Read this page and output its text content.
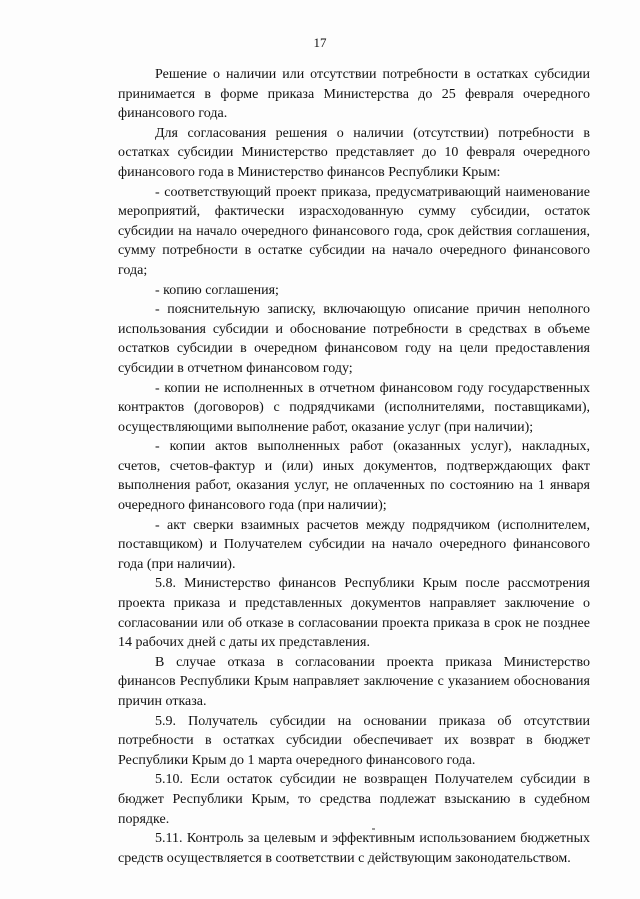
17

Решение о наличии или отсутствии потребности в остатках субсидии принимается в форме приказа Министерства до 25 февраля очередного финансового года.

Для согласования решения о наличии (отсутствии) потребности в остатках субсидии Министерство представляет до 10 февраля очередного финансового года в Министерство финансов Республики Крым:

- соответствующий проект приказа, предусматривающий наименование мероприятий, фактически израсходованную сумму субсидии, остаток субсидии на начало очередного финансового года, срок действия соглашения, сумму потребности в остатке субсидии на начало очередного финансового года;

- копию соглашения;

- пояснительную записку, включающую описание причин неполного использования субсидии и обоснование потребности в средствах в объеме остатков субсидии в очередном финансовом году на цели предоставления субсидии в отчетном финансовом году;

- копии не исполненных в отчетном финансовом году государственных контрактов (договоров) с подрядчиками (исполнителями, поставщиками), осуществляющими выполнение работ, оказание услуг (при наличии);

- копии актов выполненных работ (оказанных услуг), накладных, счетов, счетов-фактур и (или) иных документов, подтверждающих факт выполнения работ, оказания услуг, не оплаченных по состоянию на 1 января очередного финансового года (при наличии);

- акт сверки взаимных расчетов между подрядчиком (исполнителем, поставщиком) и Получателем субсидии на начало очередного финансового года (при наличии).

5.8. Министерство финансов Республики Крым после рассмотрения проекта приказа и представленных документов направляет заключение о согласовании или об отказе в согласовании проекта приказа в срок не позднее 14 рабочих дней с даты их представления.

В случае отказа в согласовании проекта приказа Министерство финансов Республики Крым направляет заключение с указанием обоснования причин отказа.

5.9. Получатель субсидии на основании приказа об отсутствии потребности в остатках субсидии обеспечивает их возврат в бюджет Республики Крым до 1 марта очередного финансового года.

5.10. Если остаток субсидии не возвращен Получателем субсидии в бюджет Республики Крым, то средства подлежат взысканию в судебном порядке.

5.11. Контроль за целевым и эффективным использованием бюджетных средств осуществляется в соответствии с действующим законодательством.
